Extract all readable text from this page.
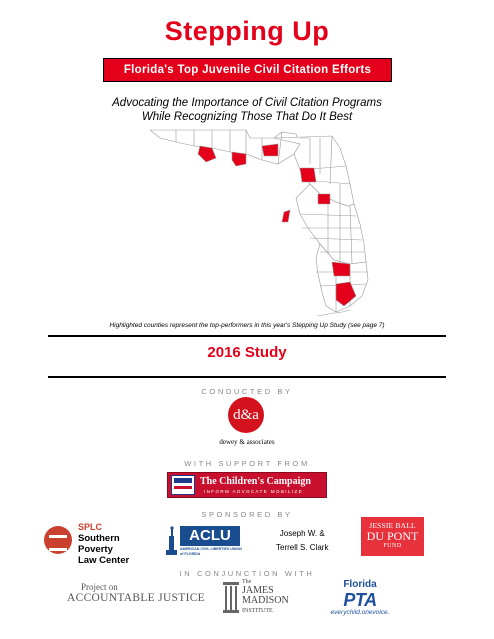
Stepping Up
Florida's Top Juvenile Civil Citation Efforts
Advocating the Importance of Civil Citation Programs
While Recognizing Those That Do It Best
Highlighted counties represent the top-performers in this year's Stepping Up Study (see page 7)
2016 Study
CONDUCTED BY
d&a
dewey & associates
WITH SUPPORT FROM
The Children's Campaign
INFORM ADVOCATE MOBILIZE
SPONSORED BY
SPLC
Southern Poverty
Law Center
ACLU
AMERICAN CIVIL LIBERTIES UNION of FLORIDA
Joseph W. &
Terrell S. Clark
JESSIE BALL
DU PONT
FUND
IN CONJUNCTION WITH
Project on
ACCOUNTABLE JUSTICE
The
JAMES
MADISON
INSTITUTE
Florida
PTA
everychild.onevoice.
